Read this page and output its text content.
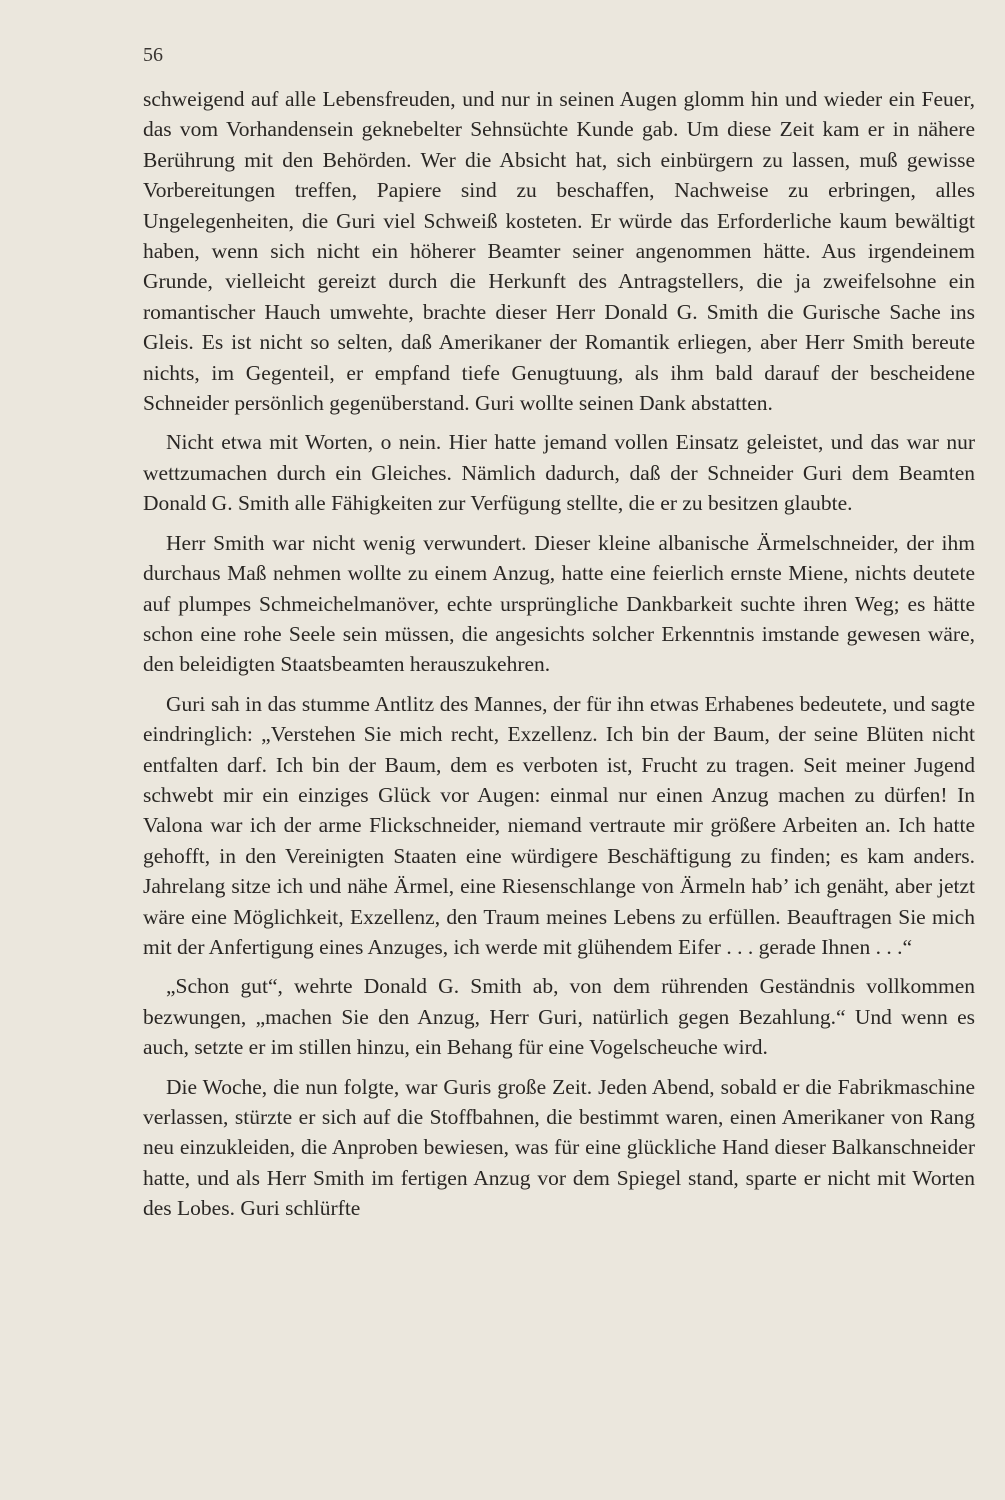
56

schweigend auf alle Lebensfreuden, und nur in seinen Augen glomm hin und wieder ein Feuer, das vom Vorhandensein geknebelter Sehnsüchte Kunde gab. Um diese Zeit kam er in nähere Berührung mit den Behörden. Wer die Absicht hat, sich einbürgern zu lassen, muß gewisse Vorbereitungen treffen, Papiere sind zu beschaffen, Nachweise zu erbringen, alles Ungelegenheiten, die Guri viel Schweiß kosteten. Er würde das Erforderliche kaum bewältigt haben, wenn sich nicht ein höherer Beamter seiner angenommen hätte. Aus irgendeinem Grunde, vielleicht gereizt durch die Herkunft des Antragstellers, die ja zweifelsohne ein romantischer Hauch umwehte, brachte dieser Herr Donald G. Smith die Gurische Sache ins Gleis. Es ist nicht so selten, daß Amerikaner der Romantik erliegen, aber Herr Smith bereute nichts, im Gegenteil, er empfand tiefe Genugtuung, als ihm bald darauf der bescheidene Schneider persönlich gegenüberstand. Guri wollte seinen Dank abstatten.

Nicht etwa mit Worten, o nein. Hier hatte jemand vollen Einsatz geleistet, und das war nur wettzumachen durch ein Gleiches. Nämlich dadurch, daß der Schneider Guri dem Beamten Donald G. Smith alle Fähigkeiten zur Verfügung stellte, die er zu besitzen glaubte.

Herr Smith war nicht wenig verwundert. Dieser kleine albanische Ärmelschneider, der ihm durchaus Maß nehmen wollte zu einem Anzug, hatte eine feierlich ernste Miene, nichts deutete auf plumpes Schmeichelmanöver, echte ursprüngliche Dankbarkeit suchte ihren Weg; es hätte schon eine rohe Seele sein müssen, die angesichts solcher Erkenntnis imstande gewesen wäre, den beleidigten Staatsbeamten herauszukehren.

Guri sah in das stumme Antlitz des Mannes, der für ihn etwas Erhabenes bedeutete, und sagte eindringlich: „Verstehen Sie mich recht, Exzellenz. Ich bin der Baum, der seine Blüten nicht entfalten darf. Ich bin der Baum, dem es verboten ist, Frucht zu tragen. Seit meiner Jugend schwebt mir ein einziges Glück vor Augen: einmal nur einen Anzug machen zu dürfen! In Valona war ich der arme Flickschneider, niemand vertraute mir größere Arbeiten an. Ich hatte gehofft, in den Vereinigten Staaten eine würdigere Beschäftigung zu finden; es kam anders. Jahrelang sitze ich und nähe Ärmel, eine Riesenschlange von Ärmeln hab’ ich genäht, aber jetzt wäre eine Möglichkeit, Exzellenz, den Traum meines Lebens zu erfüllen. Beauftragen Sie mich mit der Anfertigung eines Anzuges, ich werde mit glühendem Eifer . . . gerade Ihnen . . .“

„Schon gut“, wehrte Donald G. Smith ab, von dem rührenden Geständnis vollkommen bezwungen, „machen Sie den Anzug, Herr Guri, natürlich gegen Bezahlung.“ Und wenn es auch, setzte er im stillen hinzu, ein Behang für eine Vogelscheuche wird.

Die Woche, die nun folgte, war Guris große Zeit. Jeden Abend, sobald er die Fabrikmaschine verlassen, stürzte er sich auf die Stoffbahnen, die bestimmt waren, einen Amerikaner von Rang neu einzukleiden, die Anproben bewiesen, was für eine glückliche Hand dieser Balkanschneider hatte, und als Herr Smith im fertigen Anzug vor dem Spiegel stand, sparte er nicht mit Worten des Lobes. Guri schlürfte
